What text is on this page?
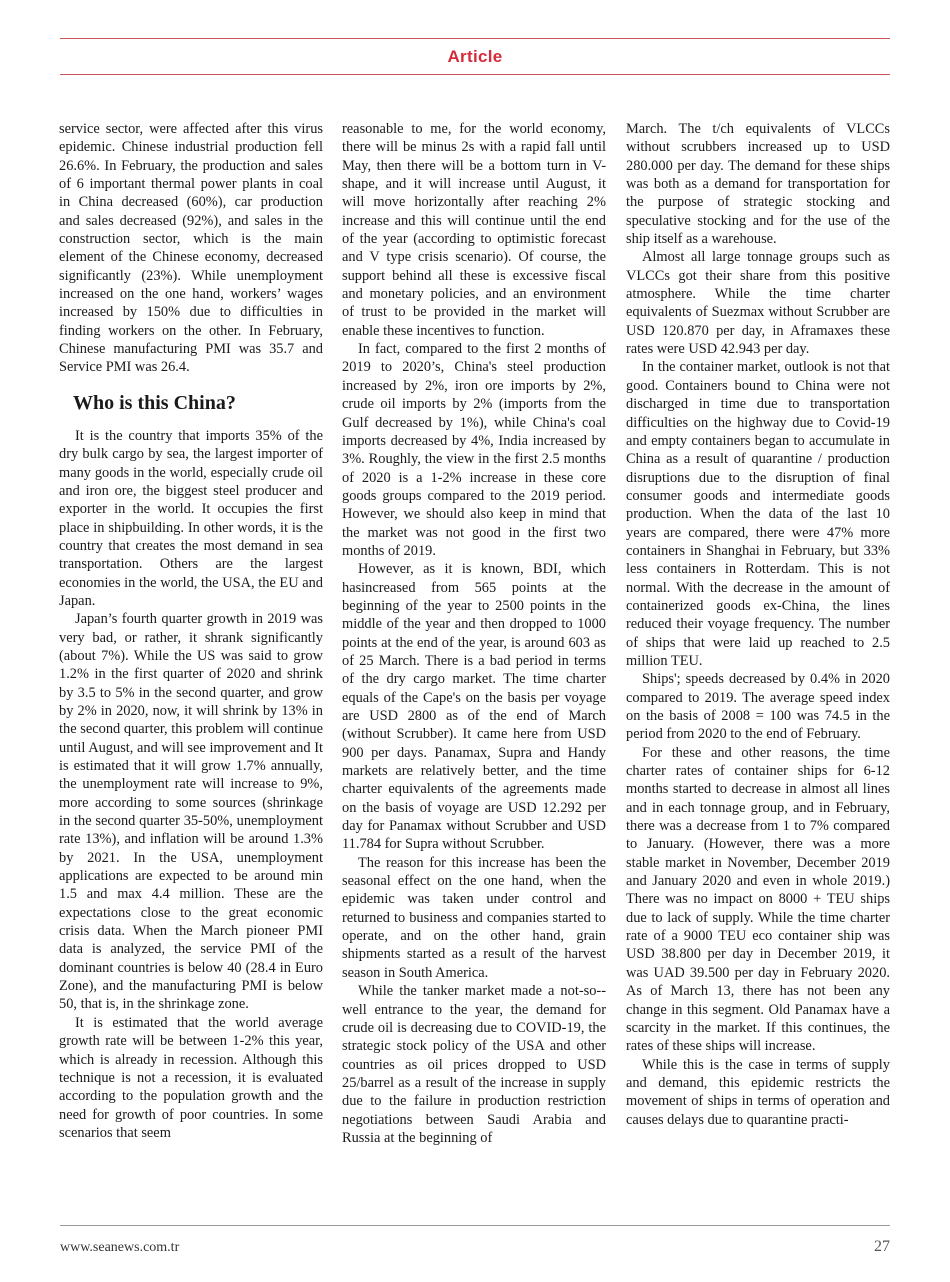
Article

service sector, were affected after this virus epidemic. Chinese industrial production fell 26.6%. In February, the production and sales of 6 important thermal power plants in coal in China decreased (60%), car production and sales decreased (92%), and sales in the construction sector, which is the main element of the Chinese economy, decreased significantly (23%). While unemployment increased on the one hand, workers’ wages increased by 150% due to difficulties in finding workers on the other. In February, Chinese manufacturing PMI was 35.7 and Service PMI was 26.4.

Who is this China?

It is the country that imports 35% of the dry bulk cargo by sea, the largest importer of many goods in the world, especially crude oil and iron ore, the biggest steel producer and exporter in the world. It occupies the first place in shipbuilding. In other words, it is the country that creates the most demand in sea transportation. Others are the largest economies in the world, the USA, the EU and Japan.

Japan’s fourth quarter growth in 2019 was very bad, or rather, it shrank significantly (about 7%). While the US was said to grow 1.2% in the first quarter of 2020 and shrink by 3.5 to 5% in the second quarter, and grow by 2% in 2020, now, it will shrink by 13% in the second quarter, this problem will continue until August, and will see improvement and It is estimated that it will grow 1.7% annually, the unemployment rate will increase to 9%, more according to some sources (shrinkage in the second quarter 35-50%, unemployment rate 13%), and inflation will be around 1.3% by 2021. In the USA, unemployment applications are expected to be around min 1.5 and max 4.4 million. These are the expectations close to the great economic crisis data. When the March pioneer PMI data is analyzed, the service PMI of the dominant countries is below 40 (28.4 in Euro Zone), and the manufacturing PMI is below 50, that is, in the shrinkage zone.

It is estimated that the world average growth rate will be between 1-2% this year, which is already in recession. Although this technique is not a recession, it is evaluated according to the population growth and the need for growth of poor countries. In some scenarios that seem

reasonable to me, for the world economy, there will be minus 2s with a rapid fall until May, then there will be a bottom turn in V-shape, and it will increase until August, it will move horizontally after reaching 2% increase and this will continue until the end of the year (according to optimistic forecast and V type crisis scenario). Of course, the support behind all these is excessive fiscal and monetary policies, and an environment of trust to be provided in the market will enable these incentives to function.

In fact, compared to the first 2 months of 2019 to 2020’s, China's steel production increased by 2%, iron ore imports by 2%, crude oil imports by 2% (imports from the Gulf decreased by 1%), while China's coal imports decreased by 4%, India increased by 3%. Roughly, the view in the first 2.5 months of 2020 is a 1-2% increase in these core goods groups compared to the 2019 period. However, we should also keep in mind that the market was not good in the first two months of 2019.

However, as it is known, BDI, which hasincreased from 565 points at the beginning of the year to 2500 points in the middle of the year and then dropped to 1000 points at the end of the year, is around 603 as of 25 March. There is a bad period in terms of the dry cargo market. The time charter equals of the Cape's on the basis per voyage are USD 2800 as of the end of March (without Scrubber). It came here from USD 900 per days. Panamax, Supra and Handy markets are relatively better, and the time charter equivalents of the agreements made on the basis of voyage are USD 12.292 per day for Panamax without Scrubber and USD 11.784 for Supra without Scrubber.

The reason for this increase has been the seasonal effect on the one hand, when the epidemic was taken under control and returned to business and companies started to operate, and on the other hand, grain shipments started as a result of the harvest season in South America.

While the tanker market made a not-so--well entrance to the year, the demand for crude oil is decreasing due to COVID-19, the strategic stock policy of the USA and other countries as oil prices dropped to USD 25/barrel as a result of the increase in supply due to the failure in production restriction negotiations between Saudi Arabia and Russia at the beginning of

March. The t/ch equivalents of VLCCs without scrubbers increased up to USD 280.000 per day. The demand for these ships was both as a demand for transportation for the purpose of strategic stocking and speculative stocking and for the use of the ship itself as a warehouse.

Almost all large tonnage groups such as VLCCs got their share from this positive atmosphere. While the time charter equivalents of Suezmax without Scrubber are USD 120.870 per day, in Aframaxes these rates were USD 42.943 per day.

In the container market, outlook is not that good. Containers bound to China were not discharged in time due to transportation difficulties on the highway due to Covid-19 and empty containers began to accumulate in China as a result of quarantine / production disruptions due to the disruption of final consumer goods and intermediate goods production. When the data of the last 10 years are compared, there were 47% more containers in Shanghai in February, but 33% less containers in Rotterdam. This is not normal. With the decrease in the amount of containerized goods ex-China, the lines reduced their voyage frequency. The number of ships that were laid up reached to 2.5 million TEU.

Ships'; speeds decreased by 0.4% in 2020 compared to 2019. The average speed index on the basis of 2008 = 100 was 74.5 in the period from 2020 to the end of February.

For these and other reasons, the time charter rates of container ships for 6-12 months started to decrease in almost all lines and in each tonnage group, and in February, there was a decrease from 1 to 7% compared to January. (However, there was a more stable market in November, December 2019 and January 2020 and even in whole 2019.) There was no impact on 8000 + TEU ships due to lack of supply. While the time charter rate of a 9000 TEU eco container ship was USD 38.800 per day in December 2019, it was UAD 39.500 per day in February 2020. As of March 13, there has not been any change in this segment. Old Panamax have a scarcity in the market. If this continues, the rates of these ships will increase.

While this is the case in terms of supply and demand, this epidemic restricts the movement of ships in terms of operation and causes delays due to quarantine practi-

www.seanews.com.tr	27
